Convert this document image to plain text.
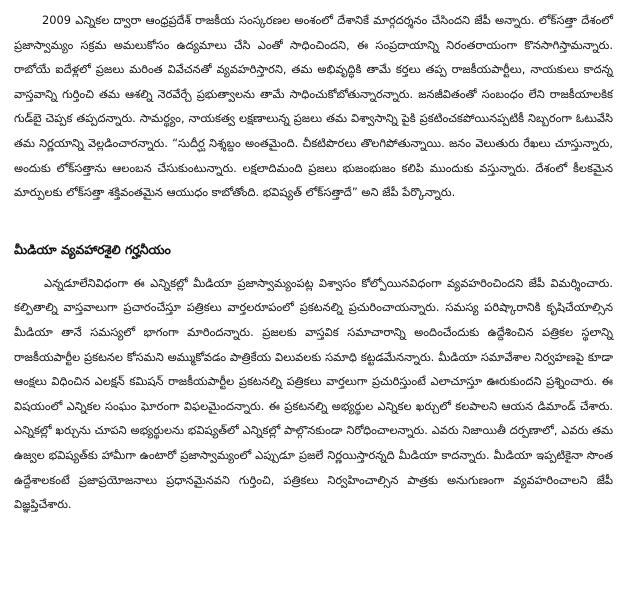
2009 ఎన్నికల ద్వారా ఆంధ్రప్రదేశ్ రాజకీయ సంస్కరణల అంశంలో దేశానికే మార్గదర్శనం చేసిందని జేపీ అన్నారు. లోక్‌సత్తా దేశంలో ప్రజాస్వామ్యం సక్రమ అమలుకోసం ఉద్యమాలు చేసి ఎంతో సాధించిందని, ఈ సంప్రదాయాన్ని నిరంతరాయంగా కొనసాగిస్తామన్నారు. రాబోయే ఐదేళ్లలో ప్రజలు మరింత వివేచనతో వ్యవహరిస్తారని, తమ అభివృద్ధికి తామే కర్తలు తప్ప రాజకీయపార్టీలు, నాయకులు కాదన్న వాస్తవాన్ని గుర్తించి తమ ఆశల్ని నెరవేర్చే ప్రభుత్వాలను తామే సాధించుకోబోతున్నారన్నారు. జనజీవితంతో సంబంధం లేని రాజకీయాలకిక గుడ్‌బై చెప్పక తప్పదన్నారు. సామర్థ్యం, నాయకత్వ లక్షణాలున్న ప్రజలు తమ విశ్వాసాన్ని పైకి ప్రకటించకపోయినప్పటికీ నిబ్బరంగా ఓటువేసి తమ నిర్ణయాన్ని వెల్లడించారన్నారు. “సుదీర్ఘ నిశ్శబ్దం అంతమైంది. చీకటిపొరలు తొలగిపోతున్నాయి. జనం వెలుతురు రేఖలు చూస్తున్నారు, అందుకు లోక్‌సత్తాను ఆలంబన చేసుకుంటున్నారు. లక్షలాదిమంది ప్రజలు భుజంభుజం కలిపి ముందుకు వస్తున్నారు. దేశంలో కీలకమైన మార్పులకు లోక్‌సత్తా శక్తివంతమైన ఆయుధం కాబోతోంది. భవిష్యత్ లోక్‌సత్తాదే” అని జేపీ పేర్కొన్నారు.

మీడియా వ్యవహారశైలి గర్హనీయం

ఎన్నడూలేనివిధంగా ఈ ఎన్నికల్లో మీడియా ప్రజాస్వామ్యంపట్ల విశ్వాసం కోల్పోయినవిధంగా వ్యవహరించిందని జేపీ విమర్శించారు. కల్పితాల్ని వాస్తవాలుగా ప్రచారంచేస్తూ పత్రికలు వార్తలరూపంలో ప్రకటనల్ని ప్రచురించాయన్నారు. సమస్య పరిష్కారానికి కృషిచేయాల్సిన మీడియా తానే సమస్యలో భాగంగా మారిందన్నారు. ప్రజలకు వాస్తవిక సమాచారాన్ని అందించేందుకు ఉద్దేశించిన పత్రికల స్థలాన్ని రాజకీయపార్టీల ప్రకటనల కోసమని అమ్ముకోవడం పాత్రికేయ విలువలకు సమాధి కట్టడమేనన్నారు. మీడియా సమావేశాల నిర్వహణపై కూడా ఆంక్షలు విధించిన ఎలక్షన్ కమిషన్ రాజకీయపార్టీల ప్రకటనల్ని పత్రికలు వార్తలుగా ప్రచురిస్తుంటే ఎలాచూస్తూ ఊరుకుందని ప్రశ్నించారు. ఈ విషయంలో ఎన్నికల సంఘం ఘోరంగా విఫలమైందన్నారు. ఈ ప్రకటనల్ని అభ్యర్థుల ఎన్నికల ఖర్చులో కలపాలని ఆయన డిమాండ్ చేశారు. ఎన్నికల్లో ఖర్చును చూపని అభ్యర్థులను భవిష్యత్‌లో ఎన్నికల్లో పాల్గొనకుండా నిరోధించాలన్నారు. ఎవరు నిజాయితీ దర్పణాలో, ఎవరు తమ ఉజ్వల భవిష్యత్‌కు హామీగా ఉంటారో ప్రజాస్వామ్యంలో ఎప్పుడూ ప్రజలే నిర్ణయిస్తారన్నది మీడియా కాదన్నారు. మీడియా ఇప్పటికైనా సొంత ఉద్దేశాలకంటే ప్రజాప్రయోజనాలు ప్రధానమైనవని గుర్తించి, పత్రికలు నిర్వహించాల్సిన పాత్రకు అనుగుణంగా వ్యవహరించాలని జేపీ విజ్ఞప్తిచేశారు.
